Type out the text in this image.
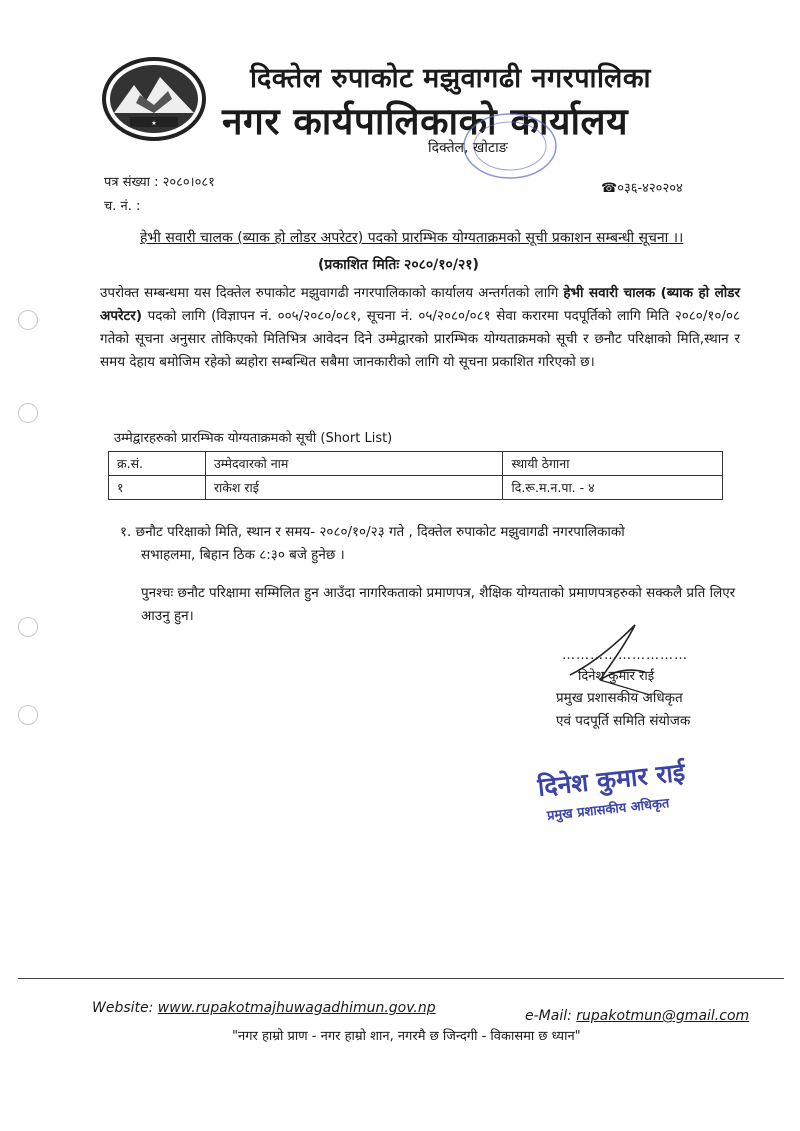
★
दिक्तेल रुपाकोट मझुवागढी नगरपालिका
नगर कार्यपालिकाको कार्यालय
दिक्तेल, खोटाङ
पत्र संख्या : २०८०।०८१
च. नं. :
☎०३६-४२०२०४
हेभी सवारी चालक (ब्याक हो लोडर अपरेटर) पदको प्रारम्भिक योग्यताक्रमको सूची प्रकाशन सम्बन्धी सूचना ।।
(प्रकाशित मितिः २०८०/१०/२१)
उपरोक्त सम्बन्धमा यस दिक्तेल रुपाकोट मझुवागढी नगरपालिकाको कार्यालय अन्तर्गतको लागि हेभी सवारी चालक (ब्याक हो लोडर अपरेटर) पदको लागि (विज्ञापन नं. ००५/२०८०/०८१, सूचना नं. ०५/२०८०/०८१ सेवा करारमा पदपूर्तिको लागि मिति २०८०/१०/०८ गतेको सूचना अनुसार तोकिएको मितिभित्र आवेदन दिने उम्मेद्वारको प्रारम्भिक योग्यताक्रमको सूची र छनौट परिक्षाको मिति,स्थान र समय देहाय बमोजिम रहेको ब्यहोरा सम्बन्धित सबैमा जानकारीको लागि यो सूचना प्रकाशित गरिएको छ।
उम्मेद्वारहरुको प्रारम्भिक योग्यताक्रमको सूची (Short List)
क्र.सं.	उम्मेदवारको नाम	स्थायी ठेगाना
१	राकेश राई	दि.रू.म.न.पा. - ४
१. छनौट परिक्षाको मिति, स्थान र समय- २०८०/१०/२३ गते , दिक्तेल रुपाकोट मझुवागढी नगरपालिकाको
सभाहलमा, बिहान ठिक ८:३० बजे हुनेछ ।
पुनश्चः छनौट परिक्षामा सम्मिलित हुन आउँदा नागरिकताको प्रमाणपत्र, शैक्षिक योग्यताको प्रमाणपत्रहरुको सक्कलै प्रति लिएर आउनु हुन।
………………………
दिनेश कुमार राई
प्रमुख प्रशासकीय अधिकृत
एवं पदपूर्ति समिति संयोजक
दिनेश कुमार राई
प्रमुख प्रशासकीय अधिकृत
Website: www.rupakotmajhuwagadhimun.gov.np	e-Mail: rupakotmun@gmail.com
"नगर हाम्रो प्राण - नगर हाम्रो शान, नगरमै छ जिन्दगी - विकासमा छ ध्यान"
